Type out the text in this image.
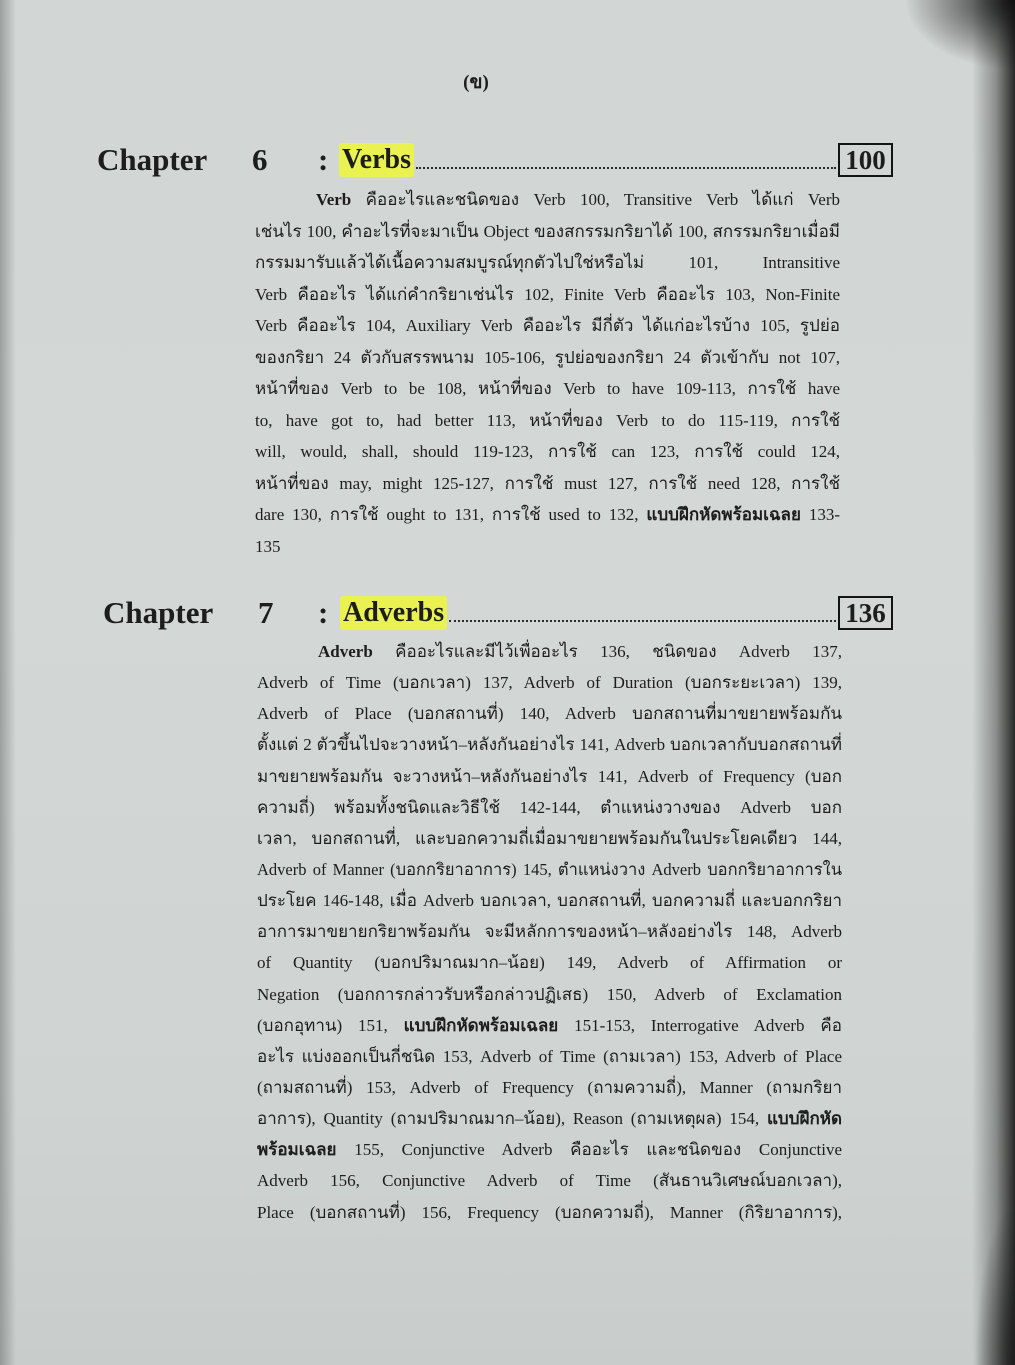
(ข)
Chapter 6 : Verbs	100
Verb คืออะไรและชนิดของ Verb 100, Transitive Verb ได้แก่ Verb
เช่นไร 100, คำอะไรที่จะมาเป็น Object ของสกรรมกริยาได้ 100, สกรรมกริยาเมื่อมี
กรรมมารับแล้วได้เนื้อความสมบูรณ์ทุกตัวไปใช่หรือไม่ 101, Intransitive
Verb คืออะไร ได้แก่คำกริยาเช่นไร 102, Finite Verb คืออะไร 103, Non-Finite
Verb คืออะไร 104, Auxiliary Verb คืออะไร มีกี่ตัว ได้แก่อะไรบ้าง 105, รูปย่อ
ของกริยา 24 ตัวกับสรรพนาม 105-106, รูปย่อของกริยา 24 ตัวเข้ากับ not 107,
หน้าที่ของ Verb to be 108, หน้าที่ของ Verb to have 109-113, การใช้ have
to, have got to, had better 113, หน้าที่ของ Verb to do 115-119, การใช้
will, would, shall, should 119-123, การใช้ can 123, การใช้ could 124,
หน้าที่ของ may, might 125-127, การใช้ must 127, การใช้ need 128, การใช้
dare 130, การใช้ ought to 131, การใช้ used to 132, แบบฝึกหัดพร้อมเฉลย 133-
135
Chapter 7 : Adverbs	136
Adverb คืออะไรและมีไว้เพื่ออะไร 136, ชนิดของ Adverb 137,
Adverb of Time (บอกเวลา) 137, Adverb of Duration (บอกระยะเวลา) 139,
Adverb of Place (บอกสถานที่) 140, Adverb บอกสถานที่มาขยายพร้อมกัน
ตั้งแต่ 2 ตัวขึ้นไปจะวางหน้า–หลังกันอย่างไร 141, Adverb บอกเวลากับบอกสถานที่
มาขยายพร้อมกัน จะวางหน้า–หลังกันอย่างไร 141, Adverb of Frequency (บอก
ความถี่) พร้อมทั้งชนิดและวิธีใช้ 142-144, ตำแหน่งวางของ Adverb บอก
เวลา, บอกสถานที่, และบอกความถี่เมื่อมาขยายพร้อมกันในประโยคเดียว 144,
Adverb of Manner (บอกกริยาอาการ) 145, ตำแหน่งวาง Adverb บอกกริยาอาการใน
ประโยค 146-148, เมื่อ Adverb บอกเวลา, บอกสถานที่, บอกความถี่ และบอกกริยา
อาการมาขยายกริยาพร้อมกัน จะมีหลักการของหน้า–หลังอย่างไร 148, Adverb
of Quantity (บอกปริมาณมาก–น้อย) 149, Adverb of Affirmation or
Negation (บอกการกล่าวรับหรือกล่าวปฏิเสธ) 150, Adverb of Exclamation
(บอกอุทาน) 151, แบบฝึกหัดพร้อมเฉลย 151-153, Interrogative Adverb คือ
อะไร แบ่งออกเป็นกี่ชนิด 153, Adverb of Time (ถามเวลา) 153, Adverb of Place
(ถามสถานที่) 153, Adverb of Frequency (ถามความถี่), Manner (ถามกริยา
อาการ), Quantity (ถามปริมาณมาก–น้อย), Reason (ถามเหตุผล) 154, แบบฝึกหัด
พร้อมเฉลย 155, Conjunctive Adverb คืออะไร และชนิดของ Conjunctive
Adverb 156, Conjunctive Adverb of Time (สันธานวิเศษณ์บอกเวลา),
Place (บอกสถานที่) 156, Frequency (บอกความถี่), Manner (กิริยาอาการ),
